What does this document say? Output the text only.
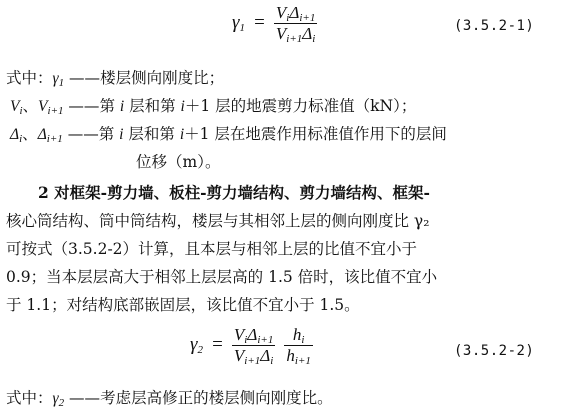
$\gamma_1 = \frac{V_i\Delta_{i+1}}{V_{i+1}\Delta_i}$	(3.5.2-1)
式中：$\gamma_1$ ——楼层侧向刚度比；
$V_i$、$V_{i+1}$ ——第 i 层和第 i＋1 层的地震剪力标准值（kN）；
$\Delta_i$、$\Delta_{i+1}$ ——第 i 层和第 i＋1 层在地震作用标准值作用下的层间
位移（m）。
2 对框架-剪力墙、板柱-剪力墙结构、剪力墙结构、框架-
核心筒结构、筒中筒结构，楼层与其相邻上层的侧向刚度比 γ₂
可按式（3.5.2-2）计算，且本层与相邻上层的比值不宜小于
0.9；当本层层高大于相邻上层层高的 1.5 倍时，该比值不宜小
于 1.1；对结构底部嵌固层，该比值不宜小于 1.5。
$\gamma_2 = \frac{V_i\Delta_{i+1}}{V_{i+1}\Delta_i}$
$\frac{h_i}{h_{i+1}}$	(3.5.2-2)
式中：$\gamma_2$ ——考虑层高修正的楼层侧向刚度比。
